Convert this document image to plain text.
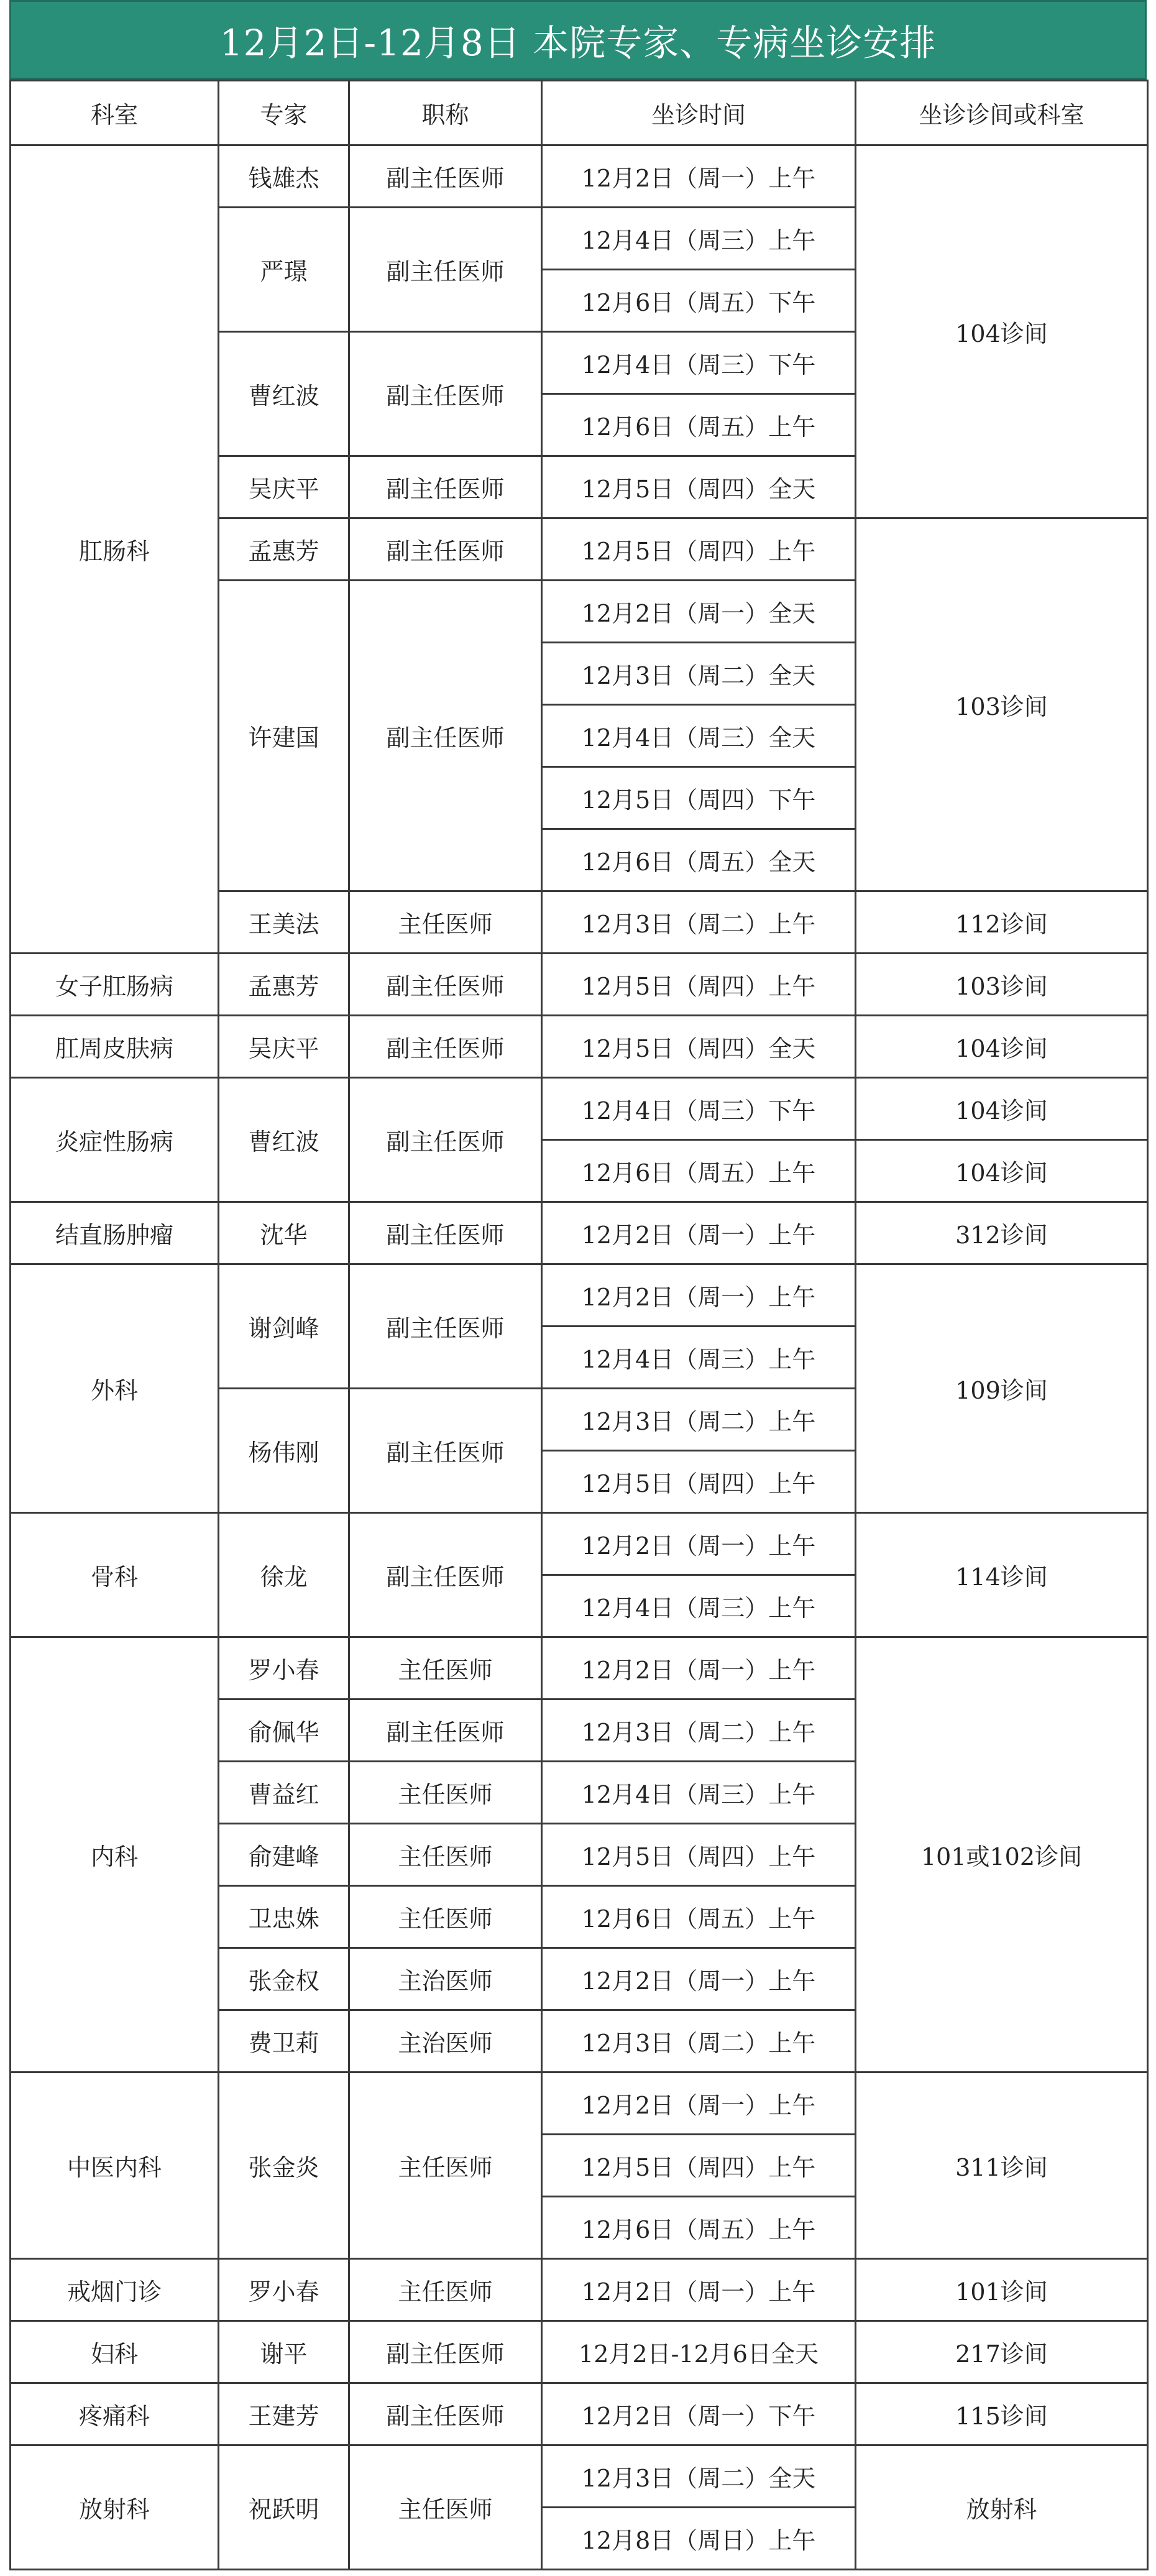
12月2日-12月8日 本院专家、专病坐诊安排
科室	专家	职称	坐诊时间	坐诊诊间或科室
肛肠科	钱雄杰	副主任医师	12月2日（周一）上午	104诊间
	严璟	副主任医师	12月4日（周三）上午	
			12月6日（周五）下午	
	曹红波	副主任医师	12月4日（周三）下午	
			12月6日（周五）上午	
	吴庆平	副主任医师	12月5日（周四）全天	
	孟惠芳	副主任医师	12月5日（周四）上午	103诊间
	许建国	副主任医师	12月2日（周一）全天	
			12月3日（周二）全天	
			12月4日（周三）全天	
			12月5日（周四）下午	
			12月6日（周五）全天	
	王美法	主任医师	12月3日（周二）上午	112诊间
女子肛肠病	孟惠芳	副主任医师	12月5日（周四）上午	103诊间
肛周皮肤病	吴庆平	副主任医师	12月5日（周四）全天	104诊间
炎症性肠病	曹红波	副主任医师	12月4日（周三）下午	104诊间
			12月6日（周五）上午	104诊间
结直肠肿瘤	沈华	副主任医师	12月2日（周一）上午	312诊间
外科	谢剑峰	副主任医师	12月2日（周一）上午	109诊间
			12月4日（周三）上午	
	杨伟刚	副主任医师	12月3日（周二）上午	
			12月5日（周四）上午	
骨科	徐龙	副主任医师	12月2日（周一）上午	114诊间
			12月4日（周三）上午	
内科	罗小春	主任医师	12月2日（周一）上午	101或102诊间
	俞佩华	副主任医师	12月3日（周二）上午	
	曹益红	主任医师	12月4日（周三）上午	
	俞建峰	主任医师	12月5日（周四）上午	
	卫忠姝	主任医师	12月6日（周五）上午	
	张金权	主治医师	12月2日（周一）上午	
	费卫莉	主治医师	12月3日（周二）上午	
中医内科	张金炎	主任医师	12月2日（周一）上午	311诊间
			12月5日（周四）上午	
			12月6日（周五）上午	
戒烟门诊	罗小春	主任医师	12月2日（周一）上午	101诊间
妇科	谢平	副主任医师	12月2日-12月6日全天	217诊间
疼痛科	王建芳	副主任医师	12月2日（周一）下午	115诊间
放射科	祝跃明	主任医师	12月3日（周二）全天	放射科
			12月8日（周日）上午	
